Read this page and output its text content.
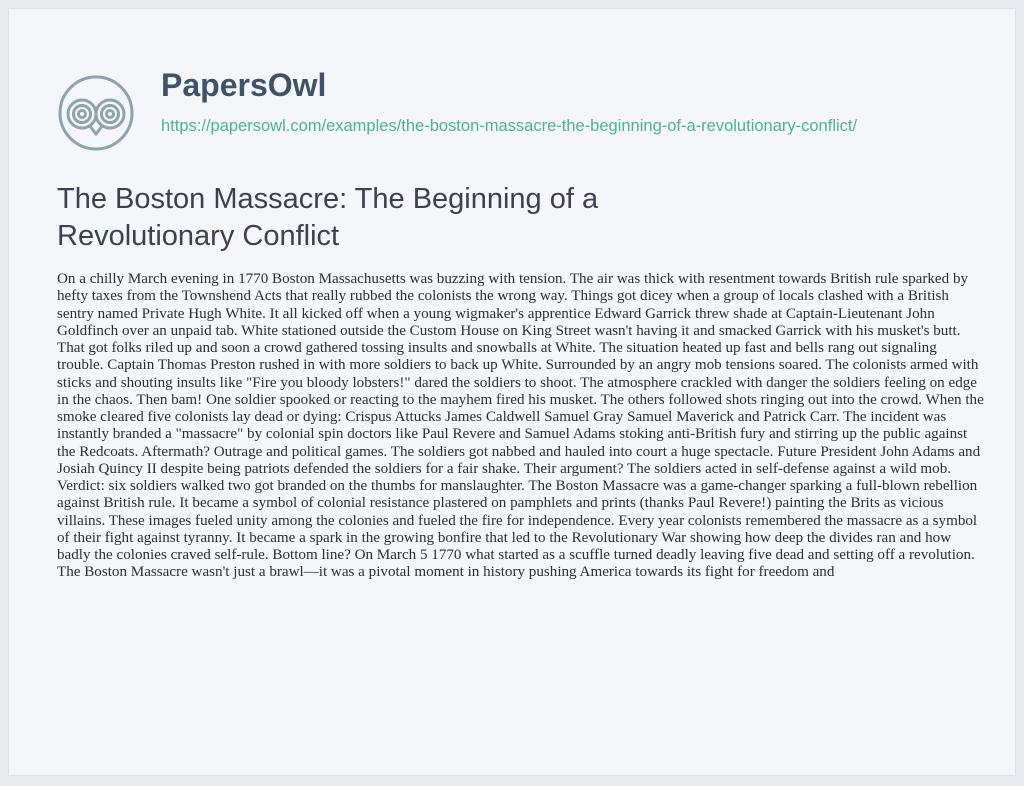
PapersOwl
https://papersowl.com/examples/the-boston-massacre-the-beginning-of-a-revolutionary-conflict/
The Boston Massacre: The Beginning of a Revolutionary Conflict

On a chilly March evening in 1770 Boston Massachusetts was buzzing with tension. The air was thick with resentment towards British rule sparked by hefty taxes from the Townshend Acts that really rubbed the colonists the wrong way. Things got dicey when a group of locals clashed with a British sentry named Private Hugh White. It all kicked off when a young wigmaker's apprentice Edward Garrick threw shade at Captain-Lieutenant John Goldfinch over an unpaid tab. White stationed outside the Custom House on King Street wasn't having it and smacked Garrick with his musket's butt. That got folks riled up and soon a crowd gathered tossing insults and snowballs at White. The situation heated up fast and bells rang out signaling trouble. Captain Thomas Preston rushed in with more soldiers to back up White. Surrounded by an angry mob tensions soared. The colonists armed with sticks and shouting insults like "Fire you bloody lobsters!" dared the soldiers to shoot. The atmosphere crackled with danger the soldiers feeling on edge in the chaos. Then bam! One soldier spooked or reacting to the mayhem fired his musket. The others followed shots ringing out into the crowd. When the smoke cleared five colonists lay dead or dying: Crispus Attucks James Caldwell Samuel Gray Samuel Maverick and Patrick Carr. The incident was instantly branded a "massacre" by colonial spin doctors like Paul Revere and Samuel Adams stoking anti-British fury and stirring up the public against the Redcoats. Aftermath? Outrage and political games. The soldiers got nabbed and hauled into court a huge spectacle. Future President John Adams and Josiah Quincy II despite being patriots defended the soldiers for a fair shake. Their argument? The soldiers acted in self-defense against a wild mob. Verdict: six soldiers walked two got branded on the thumbs for manslaughter. The Boston Massacre was a game-changer sparking a full-blown rebellion against British rule. It became a symbol of colonial resistance plastered on pamphlets and prints (thanks Paul Revere!) painting the Brits as vicious villains. These images fueled unity among the colonies and fueled the fire for independence. Every year colonists remembered the massacre as a symbol of their fight against tyranny. It became a spark in the growing bonfire that led to the Revolutionary War showing how deep the divides ran and how badly the colonies craved self-rule. Bottom line? On March 5 1770 what started as a scuffle turned deadly leaving five dead and setting off a revolution. The Boston Massacre wasn't just a brawl—it was a pivotal moment in history pushing America towards its fight for freedom and
